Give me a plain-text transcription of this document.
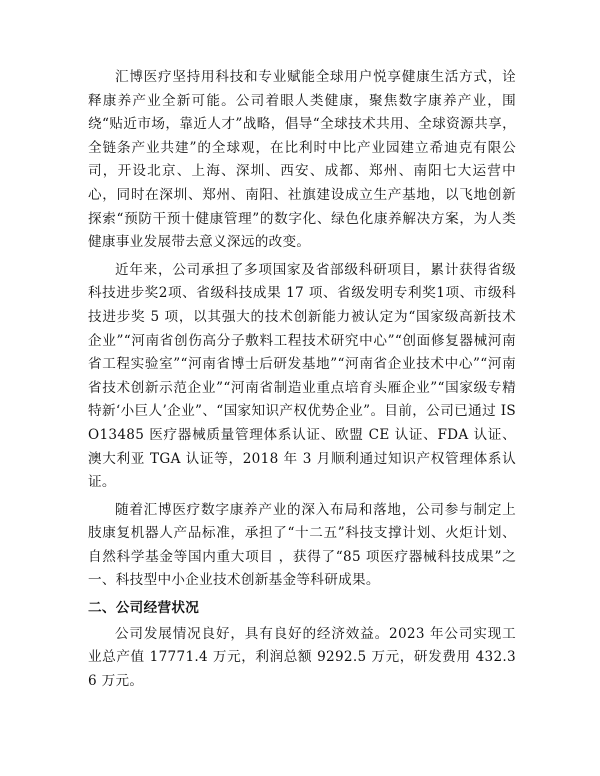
汇博医疗坚持用科技和专业赋能全球用户悦享健康生活方式，诠释康养产业全新可能。公司着眼人类健康，聚焦数字康养产业，围绕“贴近市场，靠近人才”战略，倡导“全球技术共用、全球资源共享，全链条产业共建”的全球观，在比利时中比产业园建立希迪克有限公司，开设北京、上海、深圳、西安、成都、郑州、南阳七大运营中心，同时在深圳、郑州、南阳、社旗建设成立生产基地，以飞地创新探索“预防干预十健康管理”的数字化、绿色化康养解决方案，为人类健康事业发展带去意义深远的改变。

近年来，公司承担了多项国家及省部级科研项目，累计获得省级科技进步奖2项、省级科技成果 17 项、省级发明专利奖1项、市级科技进步奖 5 项，以其强大的技术创新能力被认定为“国家级高新技术企业”“河南省创伤高分子敷料工程技术研究中心”“创面修复器械河南省工程实验室”“河南省博士后研发基地”“河南省企业技术中心”“河南省技术创新示范企业”“河南省制造业重点培育头雁企业”“国家级专精特新‘小巨人’企业”、“国家知识产权优势企业”。目前，公司已通过 ISO13485 医疗器械质量管理体系认证、欧盟 CE 认证、FDA 认证、澳大利亚 TGA 认证等，2018 年 3 月顺利通过知识产权管理体系认证。

随着汇博医疗数字康养产业的深入布局和落地，公司参与制定上肢康复机器人产品标准，承担了“十二五”科技支撑计划、火炬计划、自然科学基金等国内重大项目 ，获得了“85 项医疗器械科技成果”之一、科技型中小企业技术创新基金等科研成果。

二、公司经营状况

公司发展情况良好，具有良好的经济效益。2023 年公司实现工业总产值 17771.4 万元，利润总额 9292.5 万元，研发费用 432.36 万元。
